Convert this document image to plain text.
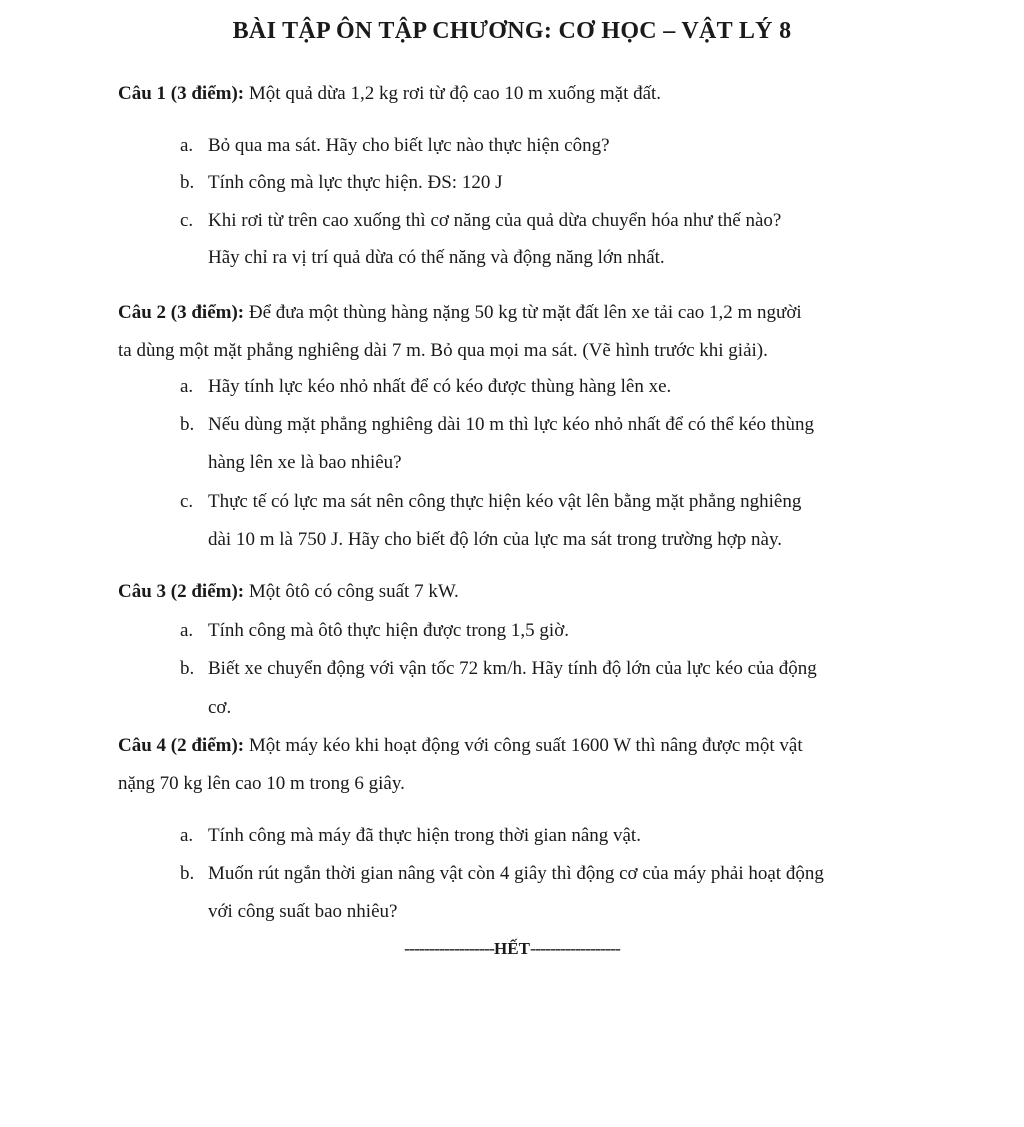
BÀI TẬP ÔN TẬP CHƯƠNG: CƠ HỌC – VẬT LÝ 8
Câu 1 (3 điểm): Một quả dừa 1,2 kg rơi từ độ cao 10 m xuống mặt đất.
a. Bỏ qua ma sát. Hãy cho biết lực nào thực hiện công?
b. Tính công mà lực thực hiện. ĐS: 120 J
c. Khi rơi từ trên cao xuống thì cơ năng của quả dừa chuyển hóa như thế nào?
Hãy chỉ ra vị trí quả dừa có thế năng và động năng lớn nhất.
Câu 2 (3 điểm): Để đưa một thùng hàng nặng 50 kg từ mặt đất lên xe tải cao 1,2 m người
ta dùng một mặt phẳng nghiêng dài 7 m. Bỏ qua mọi ma sát. (Vẽ hình trước khi giải).
a. Hãy tính lực kéo nhỏ nhất để có kéo được thùng hàng lên xe.
b. Nếu dùng mặt phẳng nghiêng dài 10 m thì lực kéo nhỏ nhất để có thể kéo thùng
hàng lên xe là bao nhiêu?
c. Thực tế có lực ma sát nên công thực hiện kéo vật lên bằng mặt phẳng nghiêng
dài 10 m là 750 J. Hãy cho biết độ lớn của lực ma sát trong trường hợp này.
Câu 3 (2 điểm): Một ôtô có công suất 7 kW.
a. Tính công mà ôtô thực hiện được trong 1,5 giờ.
b. Biết xe chuyển động với vận tốc 72 km/h. Hãy tính độ lớn của lực kéo của động
cơ.
Câu 4 (2 điểm): Một máy kéo khi hoạt động với công suất 1600 W thì nâng được một vật
nặng 70 kg lên cao 10 m trong 6 giây.
a. Tính công mà máy đã thực hiện trong thời gian nâng vật.
b. Muốn rút ngắn thời gian nâng vật còn 4 giây thì động cơ của máy phải hoạt động
với công suất bao nhiêu?
------------------HẾT------------------
